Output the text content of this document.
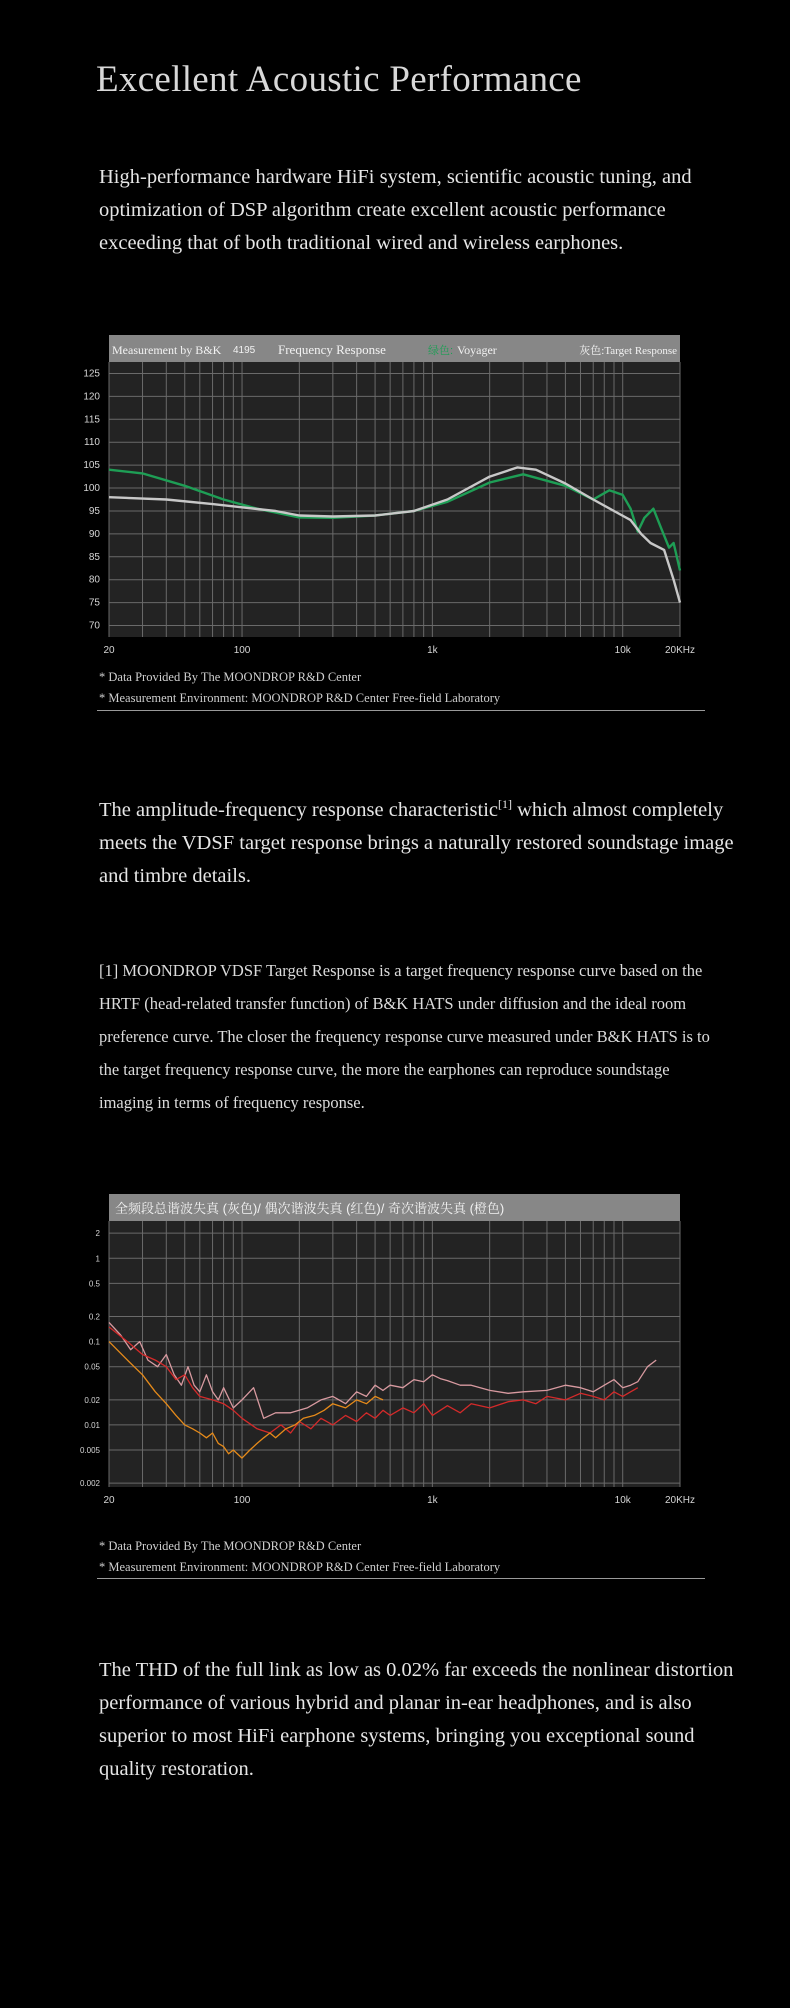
Excellent Acoustic Performance

High-performance hardware HiFi system, scientific acoustic tuning, and optimization of DSP algorithm create excellent acoustic performance exceeding that of both traditional wired and wireless earphones.

Measurement by B&K 4195 Frequency Response	绿色: Voyager	灰色:Target Response
70
75
80
85
90
95
100
105
110
115
120
125
20	100	1k	10k	20KHz

* Data Provided By The MOONDROP R&D Center

* Measurement Environment: MOONDROP R&D Center Free-field Laboratory

The amplitude-frequency response characteristic[1] which almost completely meets the VDSF target response brings a naturally restored soundstage image and timbre details.

[1] MOONDROP VDSF Target Response is a target frequency response curve based on the HRTF (head-related transfer function) of B&K HATS under diffusion and the ideal room preference curve. The closer the frequency response curve measured under B&K HATS is to the target frequency response curve, the more the earphones can reproduce soundstage imaging in terms of frequency response.

全频段总谐波失真 (灰色)/ 偶次谐波失真 (红色)/ 奇次谐波失真 (橙色)
2
1
0.5
0.2
0.1
0.05
0.02
0.01
0.005
0.002
20	100	1k	10k	20KHz

* Data Provided By The MOONDROP R&D Center

* Measurement Environment: MOONDROP R&D Center Free-field Laboratory

The THD of the full link as low as 0.02% far exceeds the nonlinear distortion performance of various hybrid and planar in-ear headphones, and is also superior to most HiFi earphone systems, bringing you exceptional sound quality restoration.
